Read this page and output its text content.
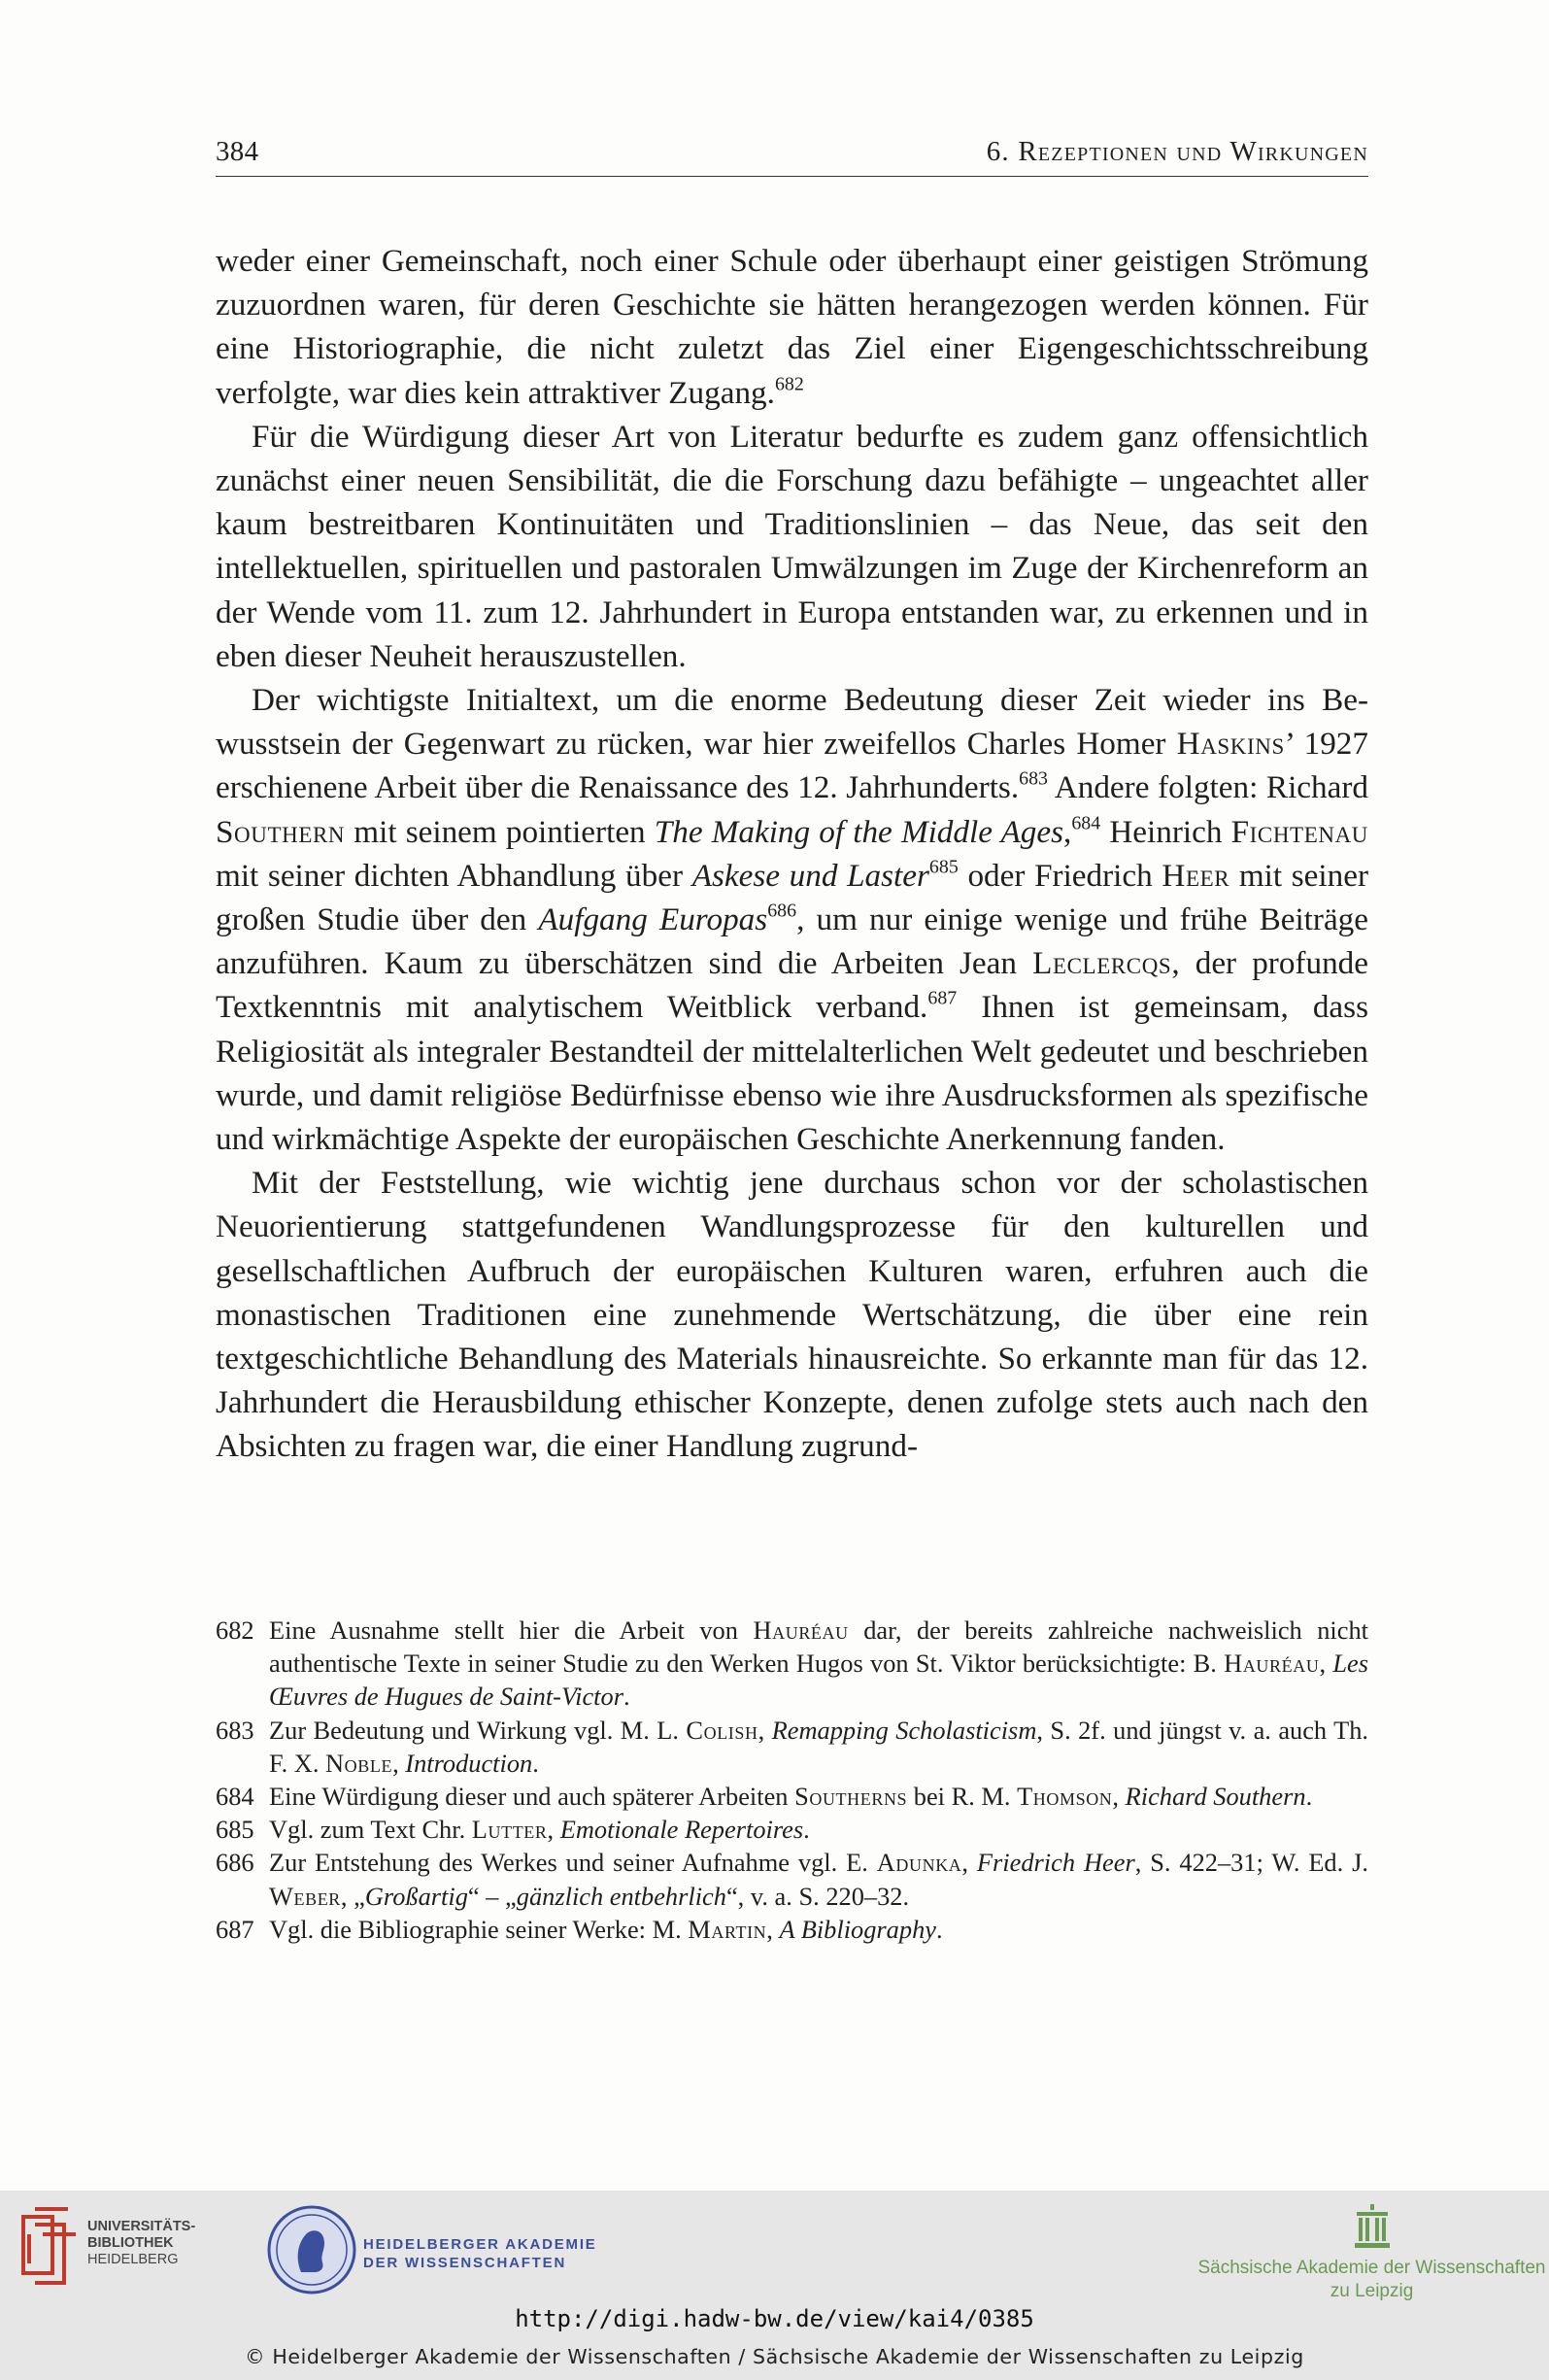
384	6. Rezeptionen und Wirkungen

weder einer Gemeinschaft, noch einer Schule oder überhaupt einer geistigen Strömung zuzuordnen waren, für deren Geschichte sie hätten herangezogen werden können. Für eine Historiographie, die nicht zuletzt das Ziel einer Eigengeschichtsschreibung verfolgte, war dies kein attraktiver Zugang.$^{682}$

Für die Würdigung dieser Art von Literatur bedurfte es zudem ganz offensichtlich zunächst einer neuen Sensibilität, die die Forschung dazu befähigte – ungeachtet aller kaum bestreitbaren Kontinuitäten und Traditionslinien – das Neue, das seit den intellektuellen, spirituellen und pastoralen Umwälzungen im Zuge der Kirchenreform an der Wende vom 11. zum 12. Jahrhundert in Europa entstanden war, zu erkennen und in eben dieser Neuheit herauszustellen.

Der wichtigste Initialtext, um die enorme Bedeutung dieser Zeit wieder ins Bewusstsein der Gegenwart zu rücken, war hier zweifellos Charles Homer Haskins’ 1927 erschienene Arbeit über die Renaissance des 12. Jahrhunderts.$^{683}$ Andere folgten: Richard Southern mit seinem pointierten The Making of the Middle Ages,$^{684}$ Heinrich Fichtenau mit seiner dichten Abhandlung über Askese und Laster$^{685}$ oder Friedrich Heer mit seiner großen Studie über den Aufgang Europas$^{686}$, um nur einige wenige und frühe Beiträge anzuführen. Kaum zu überschätzen sind die Arbeiten Jean Leclercqs, der profunde Textkenntnis mit analytischem Weitblick verband.$^{687}$ Ihnen ist gemeinsam, dass Religiosität als integraler Bestandteil der mittelalterlichen Welt gedeutet und beschrieben wurde, und damit religiöse Bedürfnisse ebenso wie ihre Ausdrucksformen als spezifische und wirkmächtige Aspekte der europäischen Geschichte Anerkennung fanden.

Mit der Feststellung, wie wichtig jene durchaus schon vor der scholastischen Neuorientierung stattgefundenen Wandlungsprozesse für den kulturellen und gesellschaftlichen Aufbruch der europäischen Kulturen waren, erfuhren auch die monastischen Traditionen eine zunehmende Wertschätzung, die über eine rein textgeschichtliche Behandlung des Materials hinausreichte. So erkannte man für das 12. Jahrhundert die Herausbildung ethischer Konzepte, denen zufolge stets auch nach den Absichten zu fragen war, die einer Handlung zugrund-

682 Eine Ausnahme stellt hier die Arbeit von Hauréau dar, der bereits zahlreiche nachweislich nicht authentische Texte in seiner Studie zu den Werken Hugos von St. Viktor berücksichtigte: B. Hauréau, Les Œuvres de Hugues de Saint-Victor.
683 Zur Bedeutung und Wirkung vgl. M. L. Colish, Remapping Scholasticism, S. 2f. und jüngst v. a. auch Th. F. X. Noble, Introduction.
684 Eine Würdigung dieser und auch späterer Arbeiten Southerns bei R. M. Thomson, Richard Southern.
685 Vgl. zum Text Chr. Lutter, Emotionale Repertoires.
686 Zur Entstehung des Werkes und seiner Aufnahme vgl. E. Adunka, Friedrich Heer, S. 422–31; W. Ed. J. Weber, „Großartig“ – „gänzlich entbehrlich“, v. a. S. 220–32.
687 Vgl. die Bibliographie seiner Werke: M. Martin, A Bibliography.
UNIVERSITÄTS-
BIBLIOTHEK
HEIDELBERG
HEIDELBERGER AKADEMIE
DER WISSENSCHAFTEN	Sächsische Akademie der Wissenschaften
zu Leipzig
http://digi.hadw-bw.de/view/kai4/0385
© Heidelberger Akademie der Wissenschaften / Sächsische Akademie der Wissenschaften zu Leipzig
